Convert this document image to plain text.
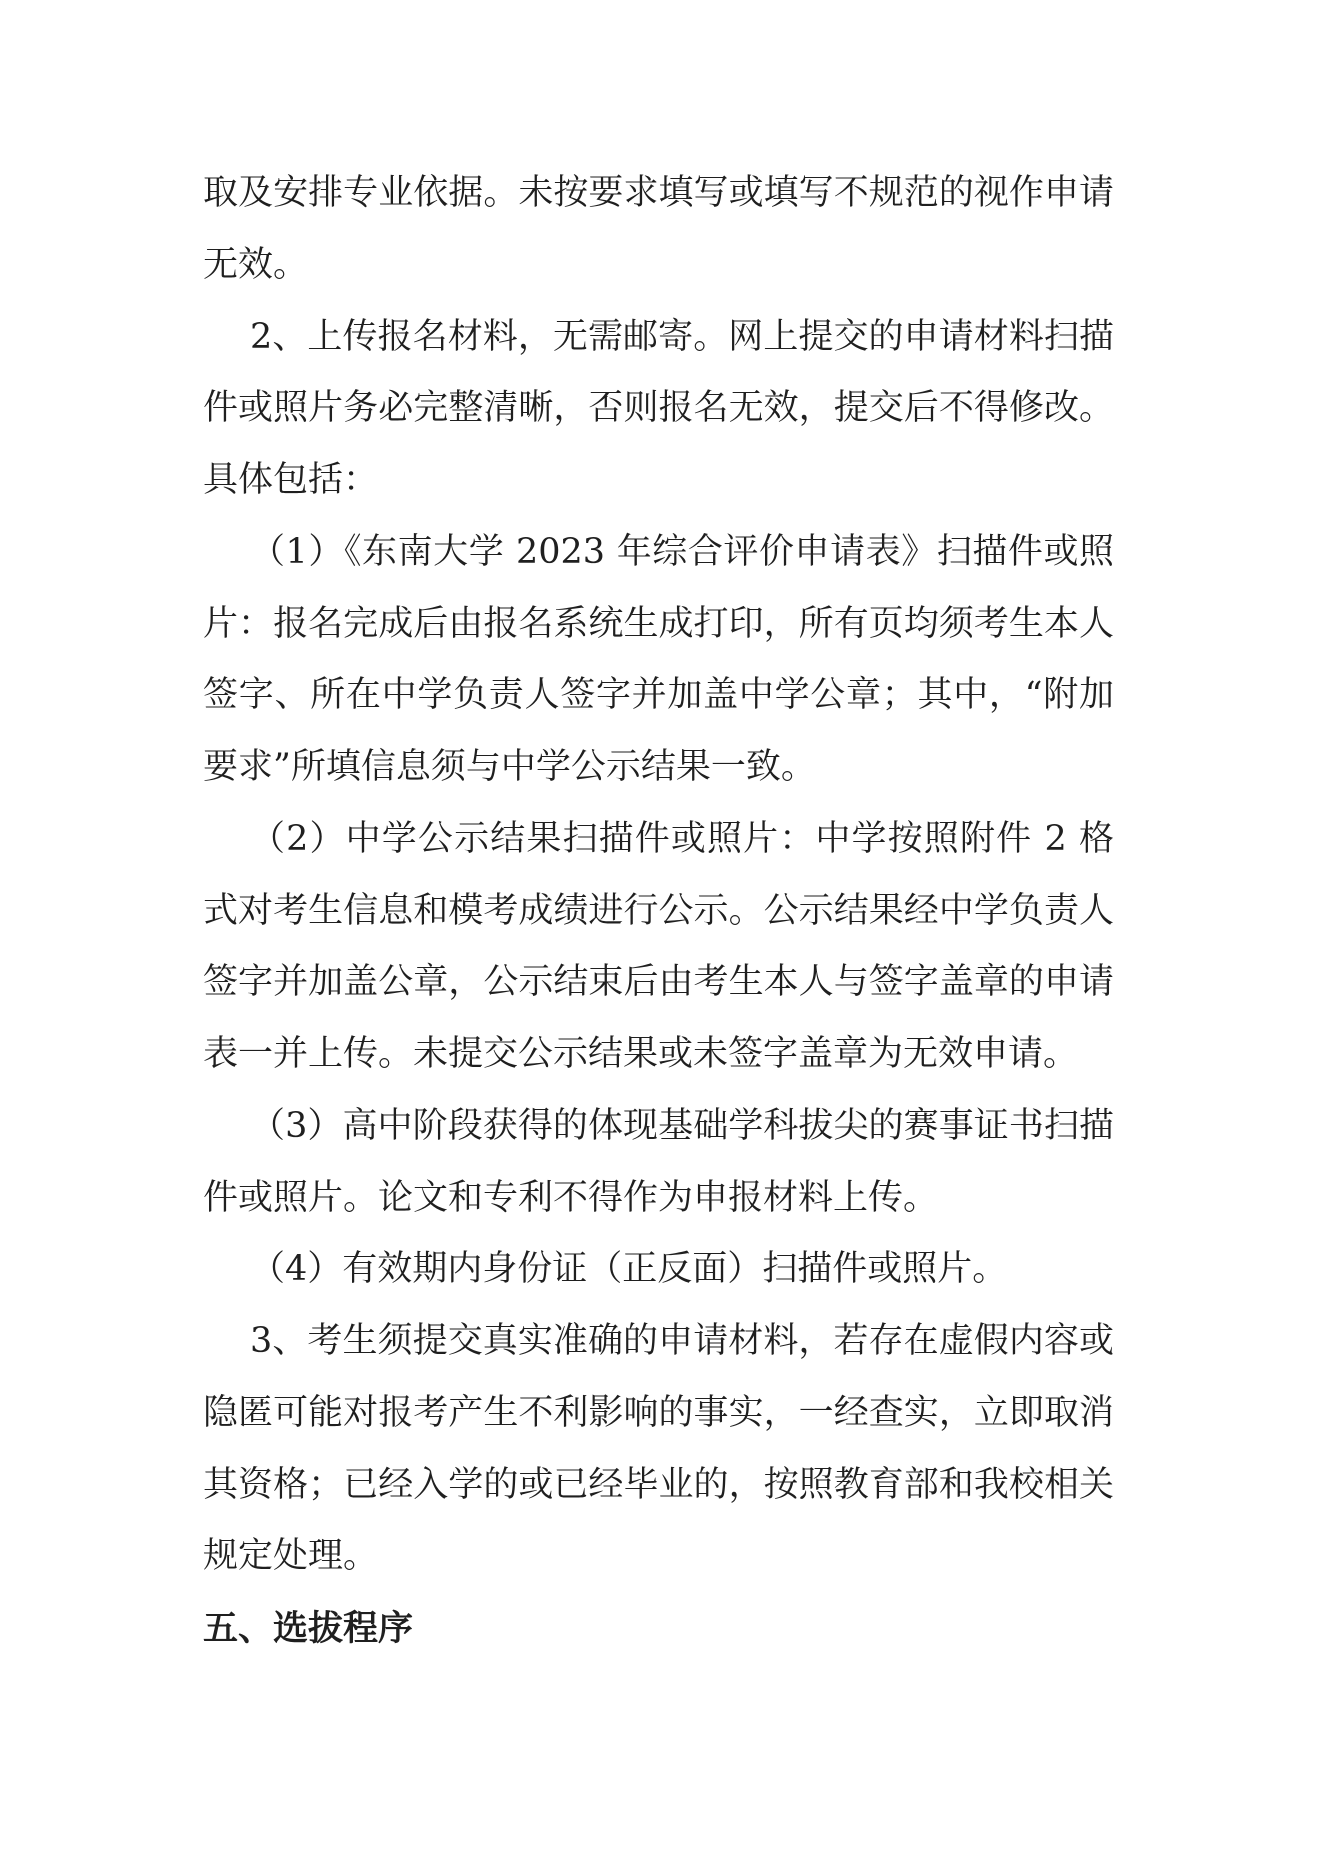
取及安排专业依据。未按要求填写或填写不规范的视作申请无效。

2、上传报名材料，无需邮寄。网上提交的申请材料扫描件或照片务必完整清晰，否则报名无效，提交后不得修改。具体包括：

（1）《东南大学 2023 年综合评价申请表》扫描件或照片：报名完成后由报名系统生成打印，所有页均须考生本人签字、所在中学负责人签字并加盖中学公章；其中，“附加要求”所填信息须与中学公示结果一致。

（2）中学公示结果扫描件或照片：中学按照附件 2 格式对考生信息和模考成绩进行公示。公示结果经中学负责人签字并加盖公章，公示结束后由考生本人与签字盖章的申请表一并上传。未提交公示结果或未签字盖章为无效申请。

（3）高中阶段获得的体现基础学科拔尖的赛事证书扫描件或照片。论文和专利不得作为申报材料上传。

（4）有效期内身份证（正反面）扫描件或照片。

3、考生须提交真实准确的申请材料，若存在虚假内容或隐匿可能对报考产生不利影响的事实，一经查实，立即取消其资格；已经入学的或已经毕业的，按照教育部和我校相关规定处理。

五、选拔程序
